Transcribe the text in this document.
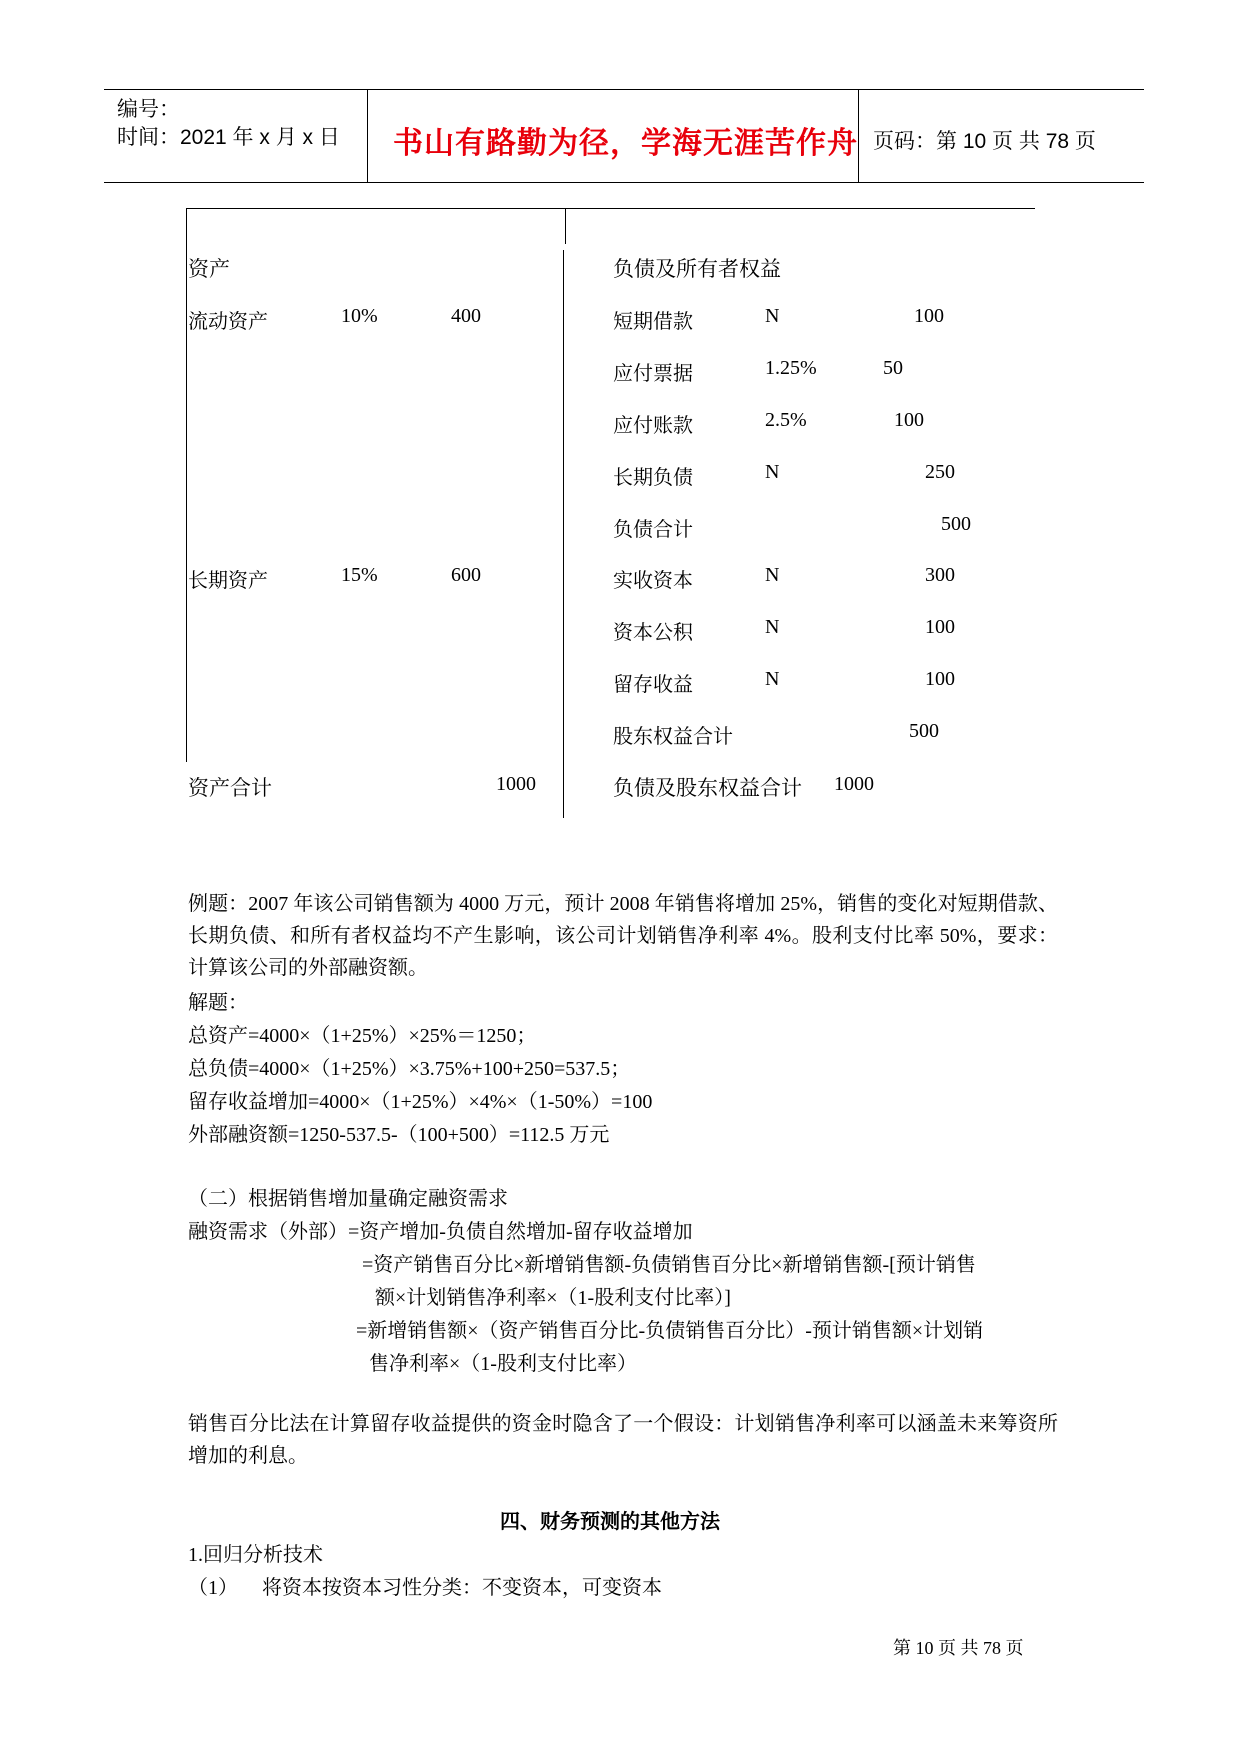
编号：
时间：2021 年 x 月 x 日 书山有路勤为径，学海无涯苦作舟 页码：第 10 页 共 78 页
资产
流动资产	10%	400
长期资产	15%	600
资产合计	1000
负债及所有者权益
短期借款	N	100
应付票据	1.25%	50
应付账款	2.5%	100
长期负债	N	250
负债合计	500
实收资本	N	300
资本公积	N	100
留存收益	N	100
股东权益合计	500
负债及股东权益合计 1000
例题：2007 年该公司销售额为 4000 万元，预计 2008 年销售将增加 25%，销售的变化对短期借款、长期负债、和所有者权益均不产生影响，该公司计划销售净利率 4%。股利支付比率 50%，要求：计算该公司的外部融资额。
解题：
总资产=4000×（1+25%）×25%＝1250；
总负债=4000×（1+25%）×3.75%+100+250=537.5；
留存收益增加=4000×（1+25%）×4%×（1-50%）=100
外部融资额=1250-537.5-（100+500）=112.5 万元
（二）根据销售增加量确定融资需求
融资需求（外部）=资产增加-负债自然增加-留存收益增加
=资产销售百分比×新增销售额-负债销售百分比×新增销售额-[预计销售
额×计划销售净利率×（1-股利支付比率）]
=新增销售额×（资产销售百分比-负债销售百分比）-预计销售额×计划销
售净利率×（1-股利支付比率）
销售百分比法在计算留存收益提供的资金时隐含了一个假设：计划销售净利率可以涵盖未来筹资所增加的利息。
四、财务预测的其他方法
1.回归分析技术
（1） 将资本按资本习性分类：不变资本，可变资本
第 10 页 共 78 页
